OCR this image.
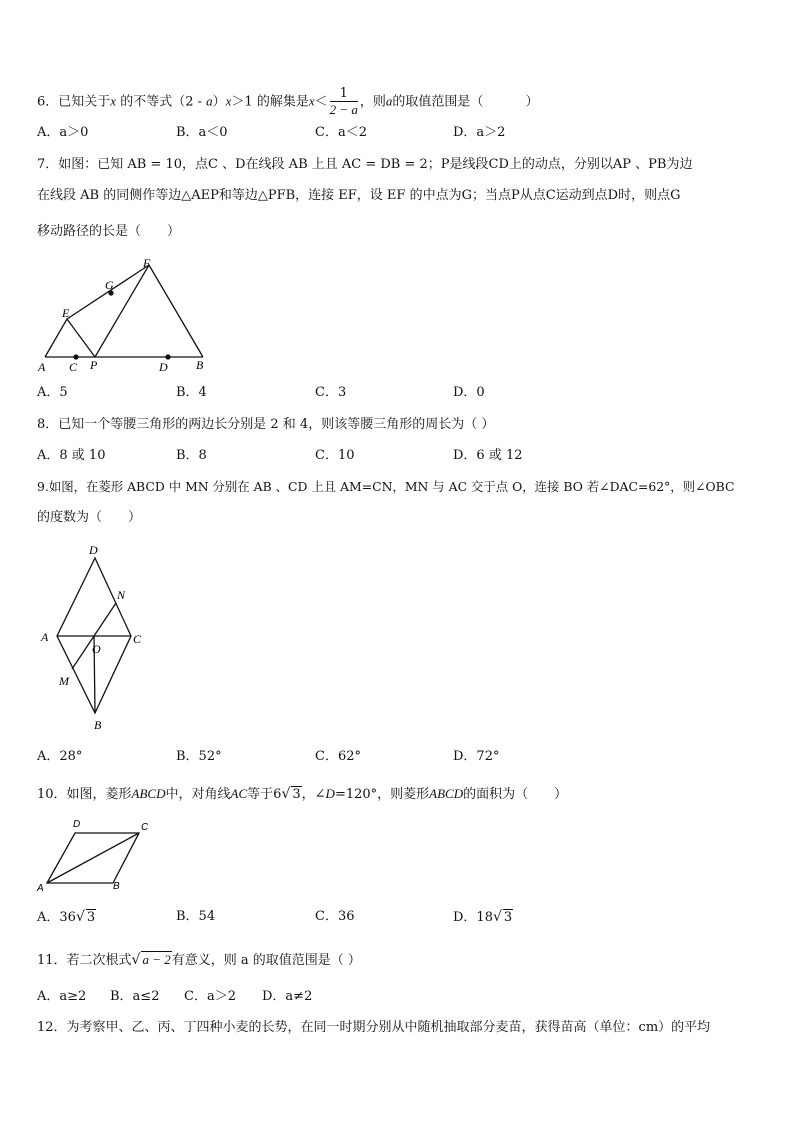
6．已知关于x 的不等式（2 - a）x＞1 的解集是$x< \frac{1}{2 - a}$ ，则a的取值范围是（	）
A．a＞0	B．a＜0	C．a＜2	D．a＞2
7．如图：已知 AB = 10，点C 、D在线段 AB 上且 AC = DB = 2；P是线段CD上的动点，分别以AP 、PB为边
在线段 AB 的同侧作等边△AEP和等边△PFB，连接 EF，设 EF 的中点为G；当点P从点C运动到点D时，则点G
移动路径的长是（　　）
A C P	D B
E
G
F
A．5	B．4	C．3	D．0
8．已知一个等腰三角形的两边长分别是 2 和 4，则该等腰三角形的周长为（ ）
A．8 或 10	B．8	C．10	D．6 或 12
9.如图，在菱形 ABCD 中 MN 分别在 AB 、CD 上且 AM=CN，MN 与 AC 交于点 O，连接 BO 若∠DAC=62°，则∠OBC
的度数为（　　）
D
N
A
O
C
M
B
A．28°	B．52°	C．62°	D．72°
10．如图，菱形ABCD中，对角线AC等于6√ 3，∠D=120°，则菱形ABCD的面积为（　　）
D	C
A	B
A．36√ 3	B．54	C．36	D．18√ 3
11．若二次根式√ a − 2有意义，则 a 的取值范围是（ ）
A．a≥2 B．a≤2 C．a＞2 D．a≠2
12．为考察甲、乙、丙、丁四种小麦的长势，在同一时期分别从中随机抽取部分麦苗，获得苗高（单位：cm）的平均
